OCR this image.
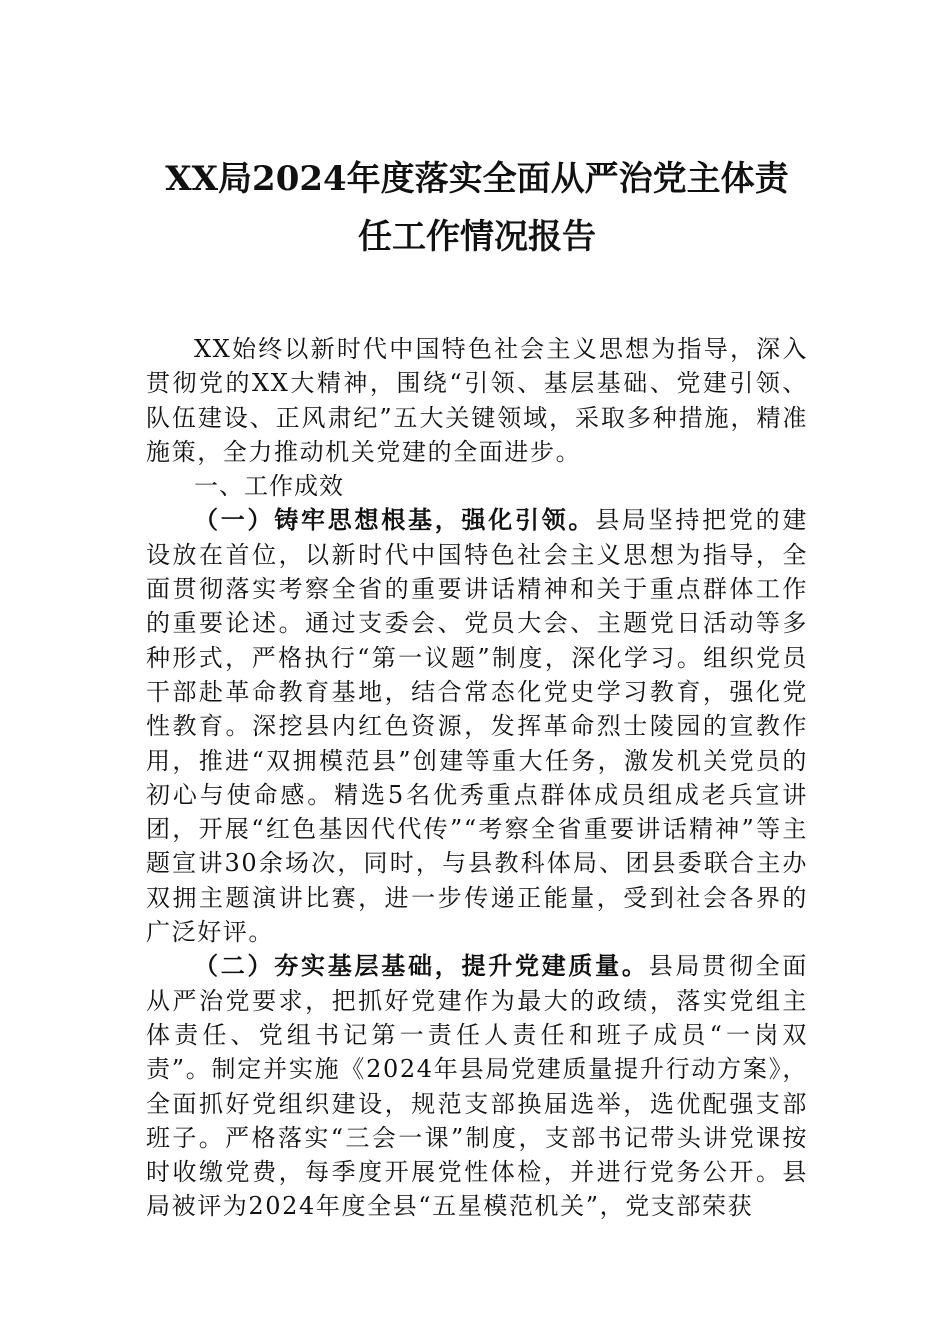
XX局2024年度落实全面从严治党主体责
任工作情况报告

XX始终以新时代中国特色社会主义思想为指导，深入贯彻党的XX大精神，围绕“引领、基层基础、党建引领、队伍建设、正风肃纪”五大关键领域，采取多种措施，精准施策，全力推动机关党建的全面进步。

一、工作成效

（一）铸牢思想根基，强化引领。县局坚持把党的建设放在首位，以新时代中国特色社会主义思想为指导，全面贯彻落实考察全省的重要讲话精神和关于重点群体工作的重要论述。通过支委会、党员大会、主题党日活动等多种形式，严格执行“第一议题”制度，深化学习。组织党员干部赴革命教育基地，结合常态化党史学习教育，强化党性教育。深挖县内红色资源，发挥革命烈士陵园的宣教作用，推进“双拥模范县”创建等重大任务，激发机关党员的初心与使命感。精选5名优秀重点群体成员组成老兵宣讲团，开展“红色基因代代传”“考察全省重要讲话精神”等主题宣讲30余场次，同时，与县教科体局、团县委联合主办双拥主题演讲比赛，进一步传递正能量，受到社会各界的广泛好评。

（二）夯实基层基础，提升党建质量。县局贯彻全面从严治党要求，把抓好党建作为最大的政绩，落实党组主体责任、党组书记第一责任人责任和班子成员“一岗双责”。制定并实施《2024年县局党建质量提升行动方案》，全面抓好党组织建设，规范支部换届选举，选优配强支部班子。严格落实“三会一课”制度，支部书记带头讲党课按时收缴党费，每季度开展党性体检，并进行党务公开。县局被评为2024年度全县“五星模范机关”，党支部荣获
